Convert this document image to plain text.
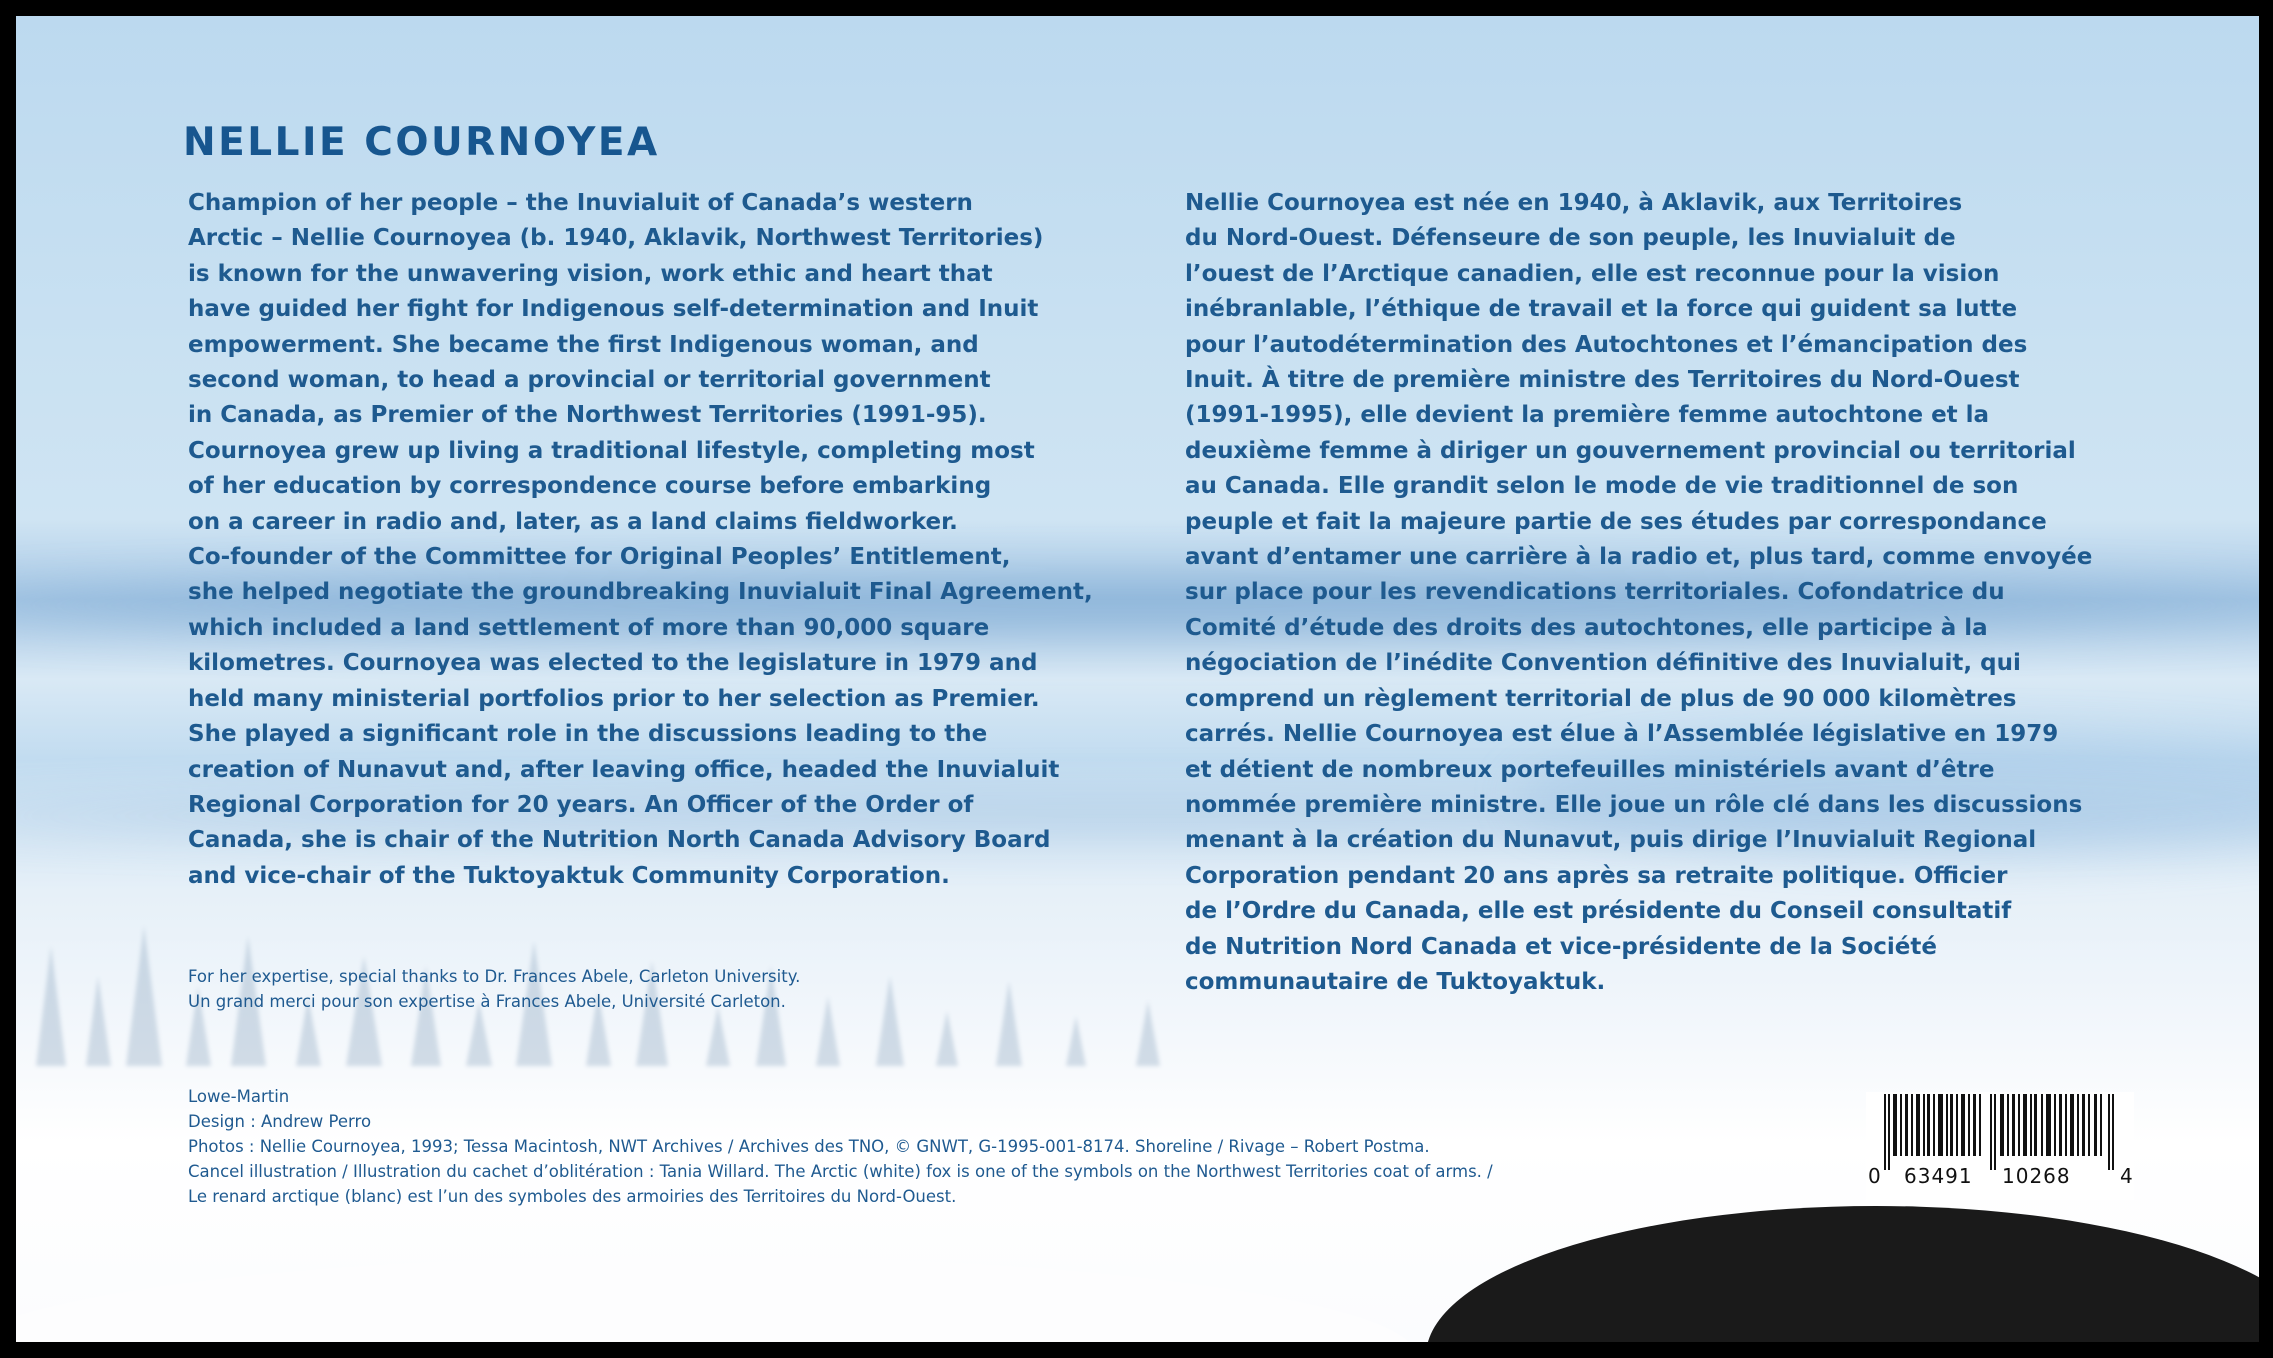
NELLIE COURNOYEA
Champion of her people – the Inuvialuit of Canada’s western
Arctic – Nellie Cournoyea (b. 1940, Aklavik, Northwest Territories)
is known for the unwavering vision, work ethic and heart that
have guided her fight for Indigenous self-determination and Inuit
empowerment. She became the first Indigenous woman, and
second woman, to head a provincial or territorial government
in Canada, as Premier of the Northwest Territories (1991-95).
Cournoyea grew up living a traditional lifestyle, completing most
of her education by correspondence course before embarking
on a career in radio and, later, as a land claims fieldworker.
Co-founder of the Committee for Original Peoples’ Entitlement,
she helped negotiate the groundbreaking Inuvialuit Final Agreement,
which included a land settlement of more than 90,000 square
kilometres. Cournoyea was elected to the legislature in 1979 and
held many ministerial portfolios prior to her selection as Premier.
She played a significant role in the discussions leading to the
creation of Nunavut and, after leaving office, headed the Inuvialuit
Regional Corporation for 20 years. An Officer of the Order of
Canada, she is chair of the Nutrition North Canada Advisory Board
and vice-chair of the Tuktoyaktuk Community Corporation.
Nellie Cournoyea est née en 1940, à Aklavik, aux Territoires
du Nord-Ouest. Défenseure de son peuple, les Inuvialuit de
l’ouest de l’Arctique canadien, elle est reconnue pour la vision
inébranlable, l’éthique de travail et la force qui guident sa lutte
pour l’autodétermination des Autochtones et l’émancipation des
Inuit. À titre de première ministre des Territoires du Nord-Ouest
(1991-1995), elle devient la première femme autochtone et la
deuxième femme à diriger un gouvernement provincial ou territorial
au Canada. Elle grandit selon le mode de vie traditionnel de son
peuple et fait la majeure partie de ses études par correspondance
avant d’entamer une carrière à la radio et, plus tard, comme envoyée
sur place pour les revendications territoriales. Cofondatrice du
Comité d’étude des droits des autochtones, elle participe à la
négociation de l’inédite Convention définitive des Inuvialuit, qui
comprend un règlement territorial de plus de 90 000 kilomètres
carrés. Nellie Cournoyea est élue à l’Assemblée législative en 1979
et détient de nombreux portefeuilles ministériels avant d’être
nommée première ministre. Elle joue un rôle clé dans les discussions
menant à la création du Nunavut, puis dirige l’Inuvialuit Regional
Corporation pendant 20 ans après sa retraite politique. Officier
de l’Ordre du Canada, elle est présidente du Conseil consultatif
de Nutrition Nord Canada et vice-présidente de la Société
communautaire de Tuktoyaktuk.
For her expertise, special thanks to Dr. Frances Abele, Carleton University.
Un grand merci pour son expertise à Frances Abele, Université Carleton.
Lowe-Martin
Design : Andrew Perro
Photos : Nellie Cournoyea, 1993; Tessa Macintosh, NWT Archives / Archives des TNO, © GNWT, G-1995-001-8174. Shoreline / Rivage – Robert Postma.
Cancel illustration / Illustration du cachet d’oblitération : Tania Willard. The Arctic (white) fox is one of the symbols on the Northwest Territories coat of arms. /
Le renard arctique (blanc) est l’un des symboles des armoiries des Territoires du Nord-Ouest.
0 63491 10268 4
